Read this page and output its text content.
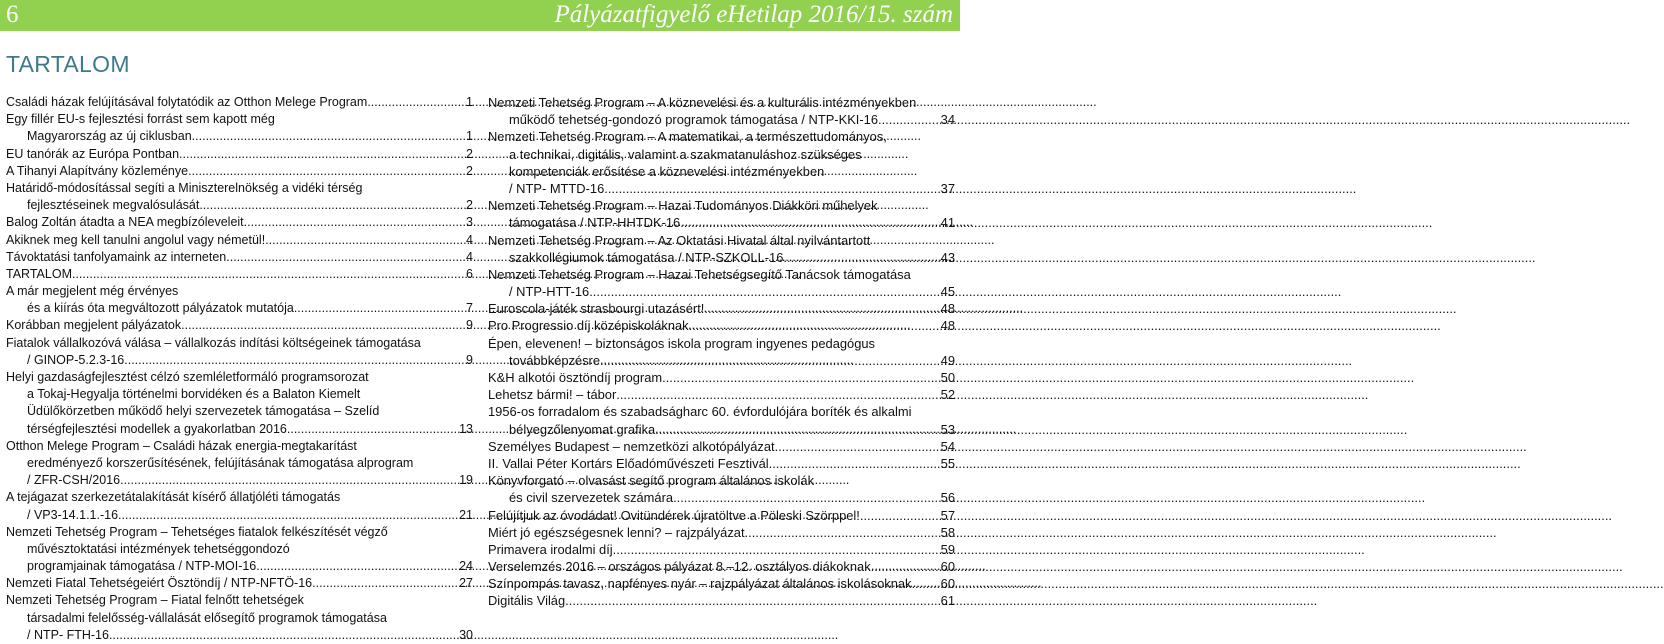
6	Pályázatfigyelő eHetilap 2016/15. szám
TARTALOM
Családi házak felújításával folytatódik az Otthon Melege Program .....	1
Egy fillér EU-s fejlesztési forrást sem kapott még
Magyarország az új ciklusban .....	1
EU tanórák az Európa Pontban .....	2
A Tihanyi Alapítvány közleménye .....	2
Határidő-módosítással segíti a Miniszterelnökség a vidéki térség
fejlesztéseinek megvalósulását .....	2
Balog Zoltán átadta a NEA megbízóleveleit .....	3
Akiknek meg kell tanulni angolul vagy németül! .....	4
Távoktatási tanfolyamaink az interneten .....	4
TARTALOM .....	6
A már megjelent még érvényes
és a kiírás óta megváltozott pályázatok mutatója .....	7
Korábban megjelent pályázatok .....	9
Fiatalok vállalkozóvá válása – vállalkozás indítási költségeinek támogatása
/ GINOP-5.2.3-16 .....	9
Helyi gazdaságfejlesztést célzó szemléletformáló programsorozat
a Tokaj-Hegyalja történelmi borvidéken és a Balaton Kiemelt
Üdülőkörzetben működő helyi szervezetek támogatása – Szelíd
térségfejlesztési modellek a gyakorlatban 2016 .....	13
Otthon Melege Program – Családi házak energia-megtakarítást
eredményező korszerűsítésének, felújításának támogatása alprogram
/ ZFR-CSH/2016 .....	19
A tejágazat szerkezetátalakítását kísérő állatjóléti támogatás
/ VP3-14.1.1.-16 .....	21
Nemzeti Tehetség Program – Tehetséges fiatalok felkészítését végző
művésztoktatási intézmények tehetséggondozó
programjainak támogatása / NTP-MOI-16 .....	24
Nemzeti Fiatal Tehetségeiért Ösztöndíj / NTP-NFTÖ-16 .....	27
Nemzeti Tehetség Program – Fiatal felnőtt tehetségek
társadalmi felelősség-vállalását elősegítő programok támogatása
/ NTP- FTH-16 .....	30
Nemzeti Tehetség Program – A köznevelési és a kulturális intézményekben
működő tehetség-gondozó programok támogatása / NTP-KKI-16 .....	34
Nemzeti Tehetség Program – A matematikai, a természettudományos,
a technikai, digitális, valamint a szakmatanuláshoz szükséges
kompetenciák erősítése a köznevelési intézményekben
/ NTP- MTTD-16 .....	37
Nemzeti Tehetség Program – Hazai Tudományos Diákköri műhelyek
támogatása / NTP-HHTDK-16 .....	41
Nemzeti Tehetség Program – Az Oktatási Hivatal által nyilvántartott
szakkollégiumok támogatása / NTP-SZKOLL-16 .....	43
Nemzeti Tehetség Program – Hazai Tehetségsegítő Tanácsok támogatása
/ NTP-HTT-16 .....	45
Euroscola-játék strasbourgi utazásért! .....	48
Pro Progressio díj középiskoláknak .....	48
Épen, elevenen! – biztonságos iskola program ingyenes pedagógus
továbbképzésre .....	49
K&H alkotói ösztöndíj program .....	50
Lehetsz bármi! – tábor .....	52
1956-os forradalom és szabadságharc 60. évfordulójára boríték és alkalmi
bélyegzőlenyomat grafika .....	53
Személyes Budapest – nemzetközi alkotópályázat .....	54
II. Vallai Péter Kortárs Előadóművészeti Fesztivál .....	55
Könyvforgató – olvasást segítő program általános iskolák
és civil szervezetek számára .....	56
Felújítjuk az óvodádat! Ovitündérek újratöltve a Pöleski Szörppel! .....	57
Miért jó egészségesnek lenni? – rajzpályázat .....	58
Primavera irodalmi díj .....	59
Verselemzés 2016 – országos pályázat 8.–12. osztályos diákoknak .....	60
Színpompás tavasz, napfényes nyár – rajzpályázat általános iskolásoknak ..... 60
Digitális Világ .....	61
